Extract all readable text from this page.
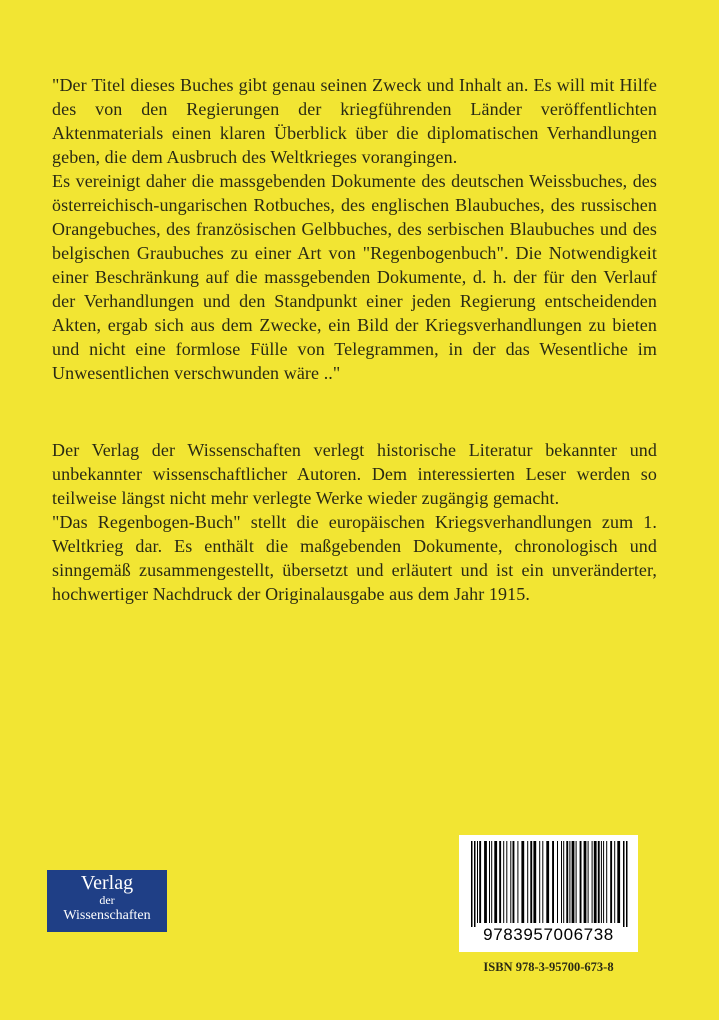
"Der Titel dieses Buches gibt genau seinen Zweck und Inhalt an. Es will mit Hilfe des von den Regierungen der kriegführenden Länder veröffentlichten Aktenmaterials einen klaren Überblick über die diplomatischen Verhandlungen geben, die dem Ausbruch des Weltkrieges vorangingen.

Es vereinigt daher die massgebenden Dokumente des deutschen Weissbuches, des österreichisch-ungarischen Rotbuches, des englischen Blaubuches, des russischen Orangebuches, des französischen Gelbbuches, des serbischen Blaubuches und des belgischen Graubuches zu einer Art von "Regenbogenbuch". Die Notwendigkeit einer Beschränkung auf die massgebenden Dokumente, d. h. der für den Verlauf der Verhandlungen und den Standpunkt einer jeden Regierung entscheidenden Akten, ergab sich aus dem Zwecke, ein Bild der Kriegsverhandlungen zu bieten und nicht eine formlose Fülle von Telegrammen, in der das Wesentliche im Unwesentlichen verschwunden wäre .."

Der Verlag der Wissenschaften verlegt historische Literatur bekannter und unbekannter wissenschaftlicher Autoren. Dem interessierten Leser werden so teilweise längst nicht mehr verlegte Werke wieder zugängig gemacht.

"Das Regenbogen-Buch" stellt die europäischen Kriegsverhandlungen zum 1. Weltkrieg dar. Es enthält die maßgebenden Dokumente, chronologisch und sinngemäß zusammengestellt, übersetzt und erläutert und ist ein unveränderter, hochwertiger Nachdruck der Originalausgabe aus dem Jahr 1915.

Verlag
der
Wissenschaften
9783957006738
ISBN 978-3-95700-673-8
